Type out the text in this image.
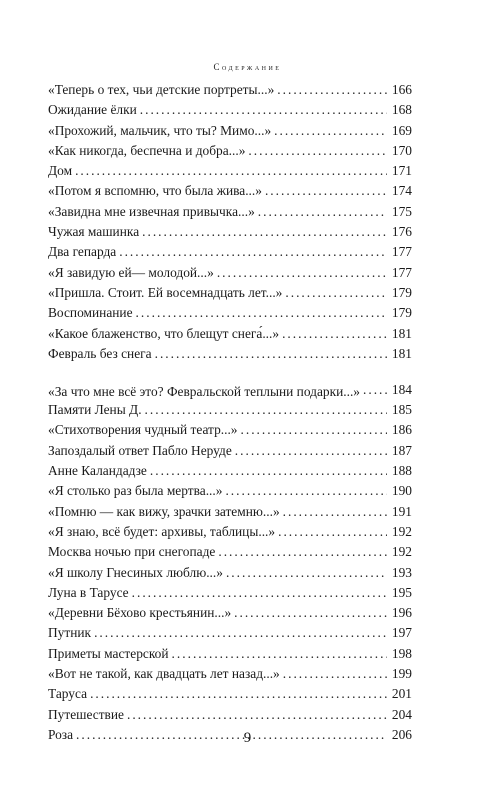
Содержание
«Теперь о тех, чьи детские портреты...» .....	166
Ожидание ёлки .....	168
«Прохожий, мальчик, что ты? Мимо...» .....	169
«Как никогда, беспечна и добра...» .....	170
Дом .....	171
«Потом я вспомню, что была жива...» .....	174
«Завидна мне извечная привычка...» .....	175
Чужая машинка .....	176
Два гепарда .....	177
«Я завидую ей— молодой...» .....	177
«Пришла. Стоит. Ей восемнадцать лет...» .....	179
Воспоминание .....	179
«Какое блаженство, что блещут снега́...» .....	181
Февраль без снега .....	181
«За что мне всё это? Февральской теплыни подарки...» ..... 184
Памяти Лены Д. .....	185
«Стихотворения чудный театр...» .....	186
Запоздалый ответ Пабло Неруде .....	187
Анне Каландадзе .....	188
«Я столько раз была мертва...» .....	190
«Помню — как вижу, зрачки затемню...» .....	191
«Я знаю, всё будет: архивы, таблицы...» .....	192
Москва ночью при снегопаде .....	192
«Я школу Гнесиных люблю...» .....	193
Луна в Тарусе .....	195
«Деревни Бёхово крестьянин...» .....	196
Путник .....	197
Приметы мастерской .....	198
«Вот не такой, как двадцать лет назад...» .....	199
Таруса .....	201
Путешествие .....	204
Роза .....	206
9
